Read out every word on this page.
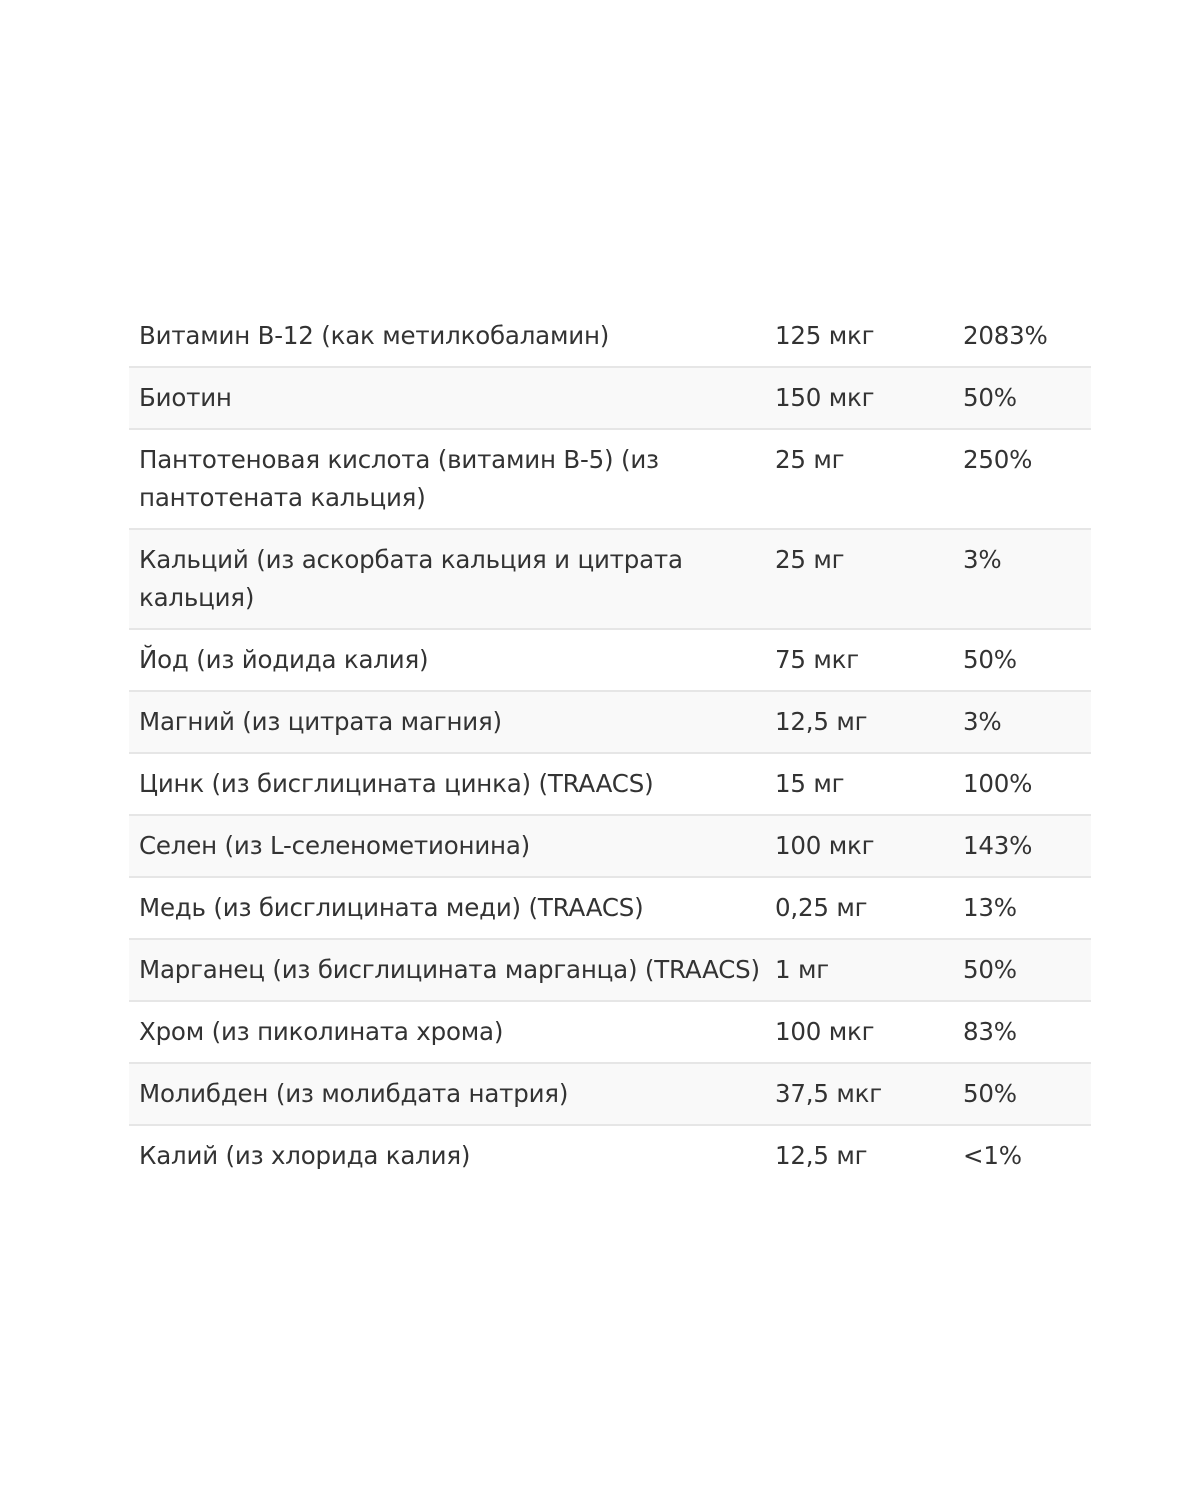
Витамин B-12 (как метилкобаламин)	125 мкг	2083%
Биотин	150 мкг	50%
Пантотеновая кислота (витамин B-5) (из пантотената кальция)	25 мг	250%
Кальций (из аскорбата кальция и цитрата кальция)	25 мг	3%
Йод (из йодида калия)	75 мкг	50%
Магний (из цитрата магния)	12,5 мг	3%
Цинк (из бисглицината цинка) (TRAACS)	15 мг	100%
Селен (из L-селенометионина)	100 мкг	143%
Медь (из бисглицината меди) (TRAACS)	0,25 мг	13%
Марганец (из бисглицината марганца) (TRAACS)	1 мг	50%
Хром (из пиколината хрома)	100 мкг	83%
Молибден (из молибдата натрия)	37,5 мкг	50%
Калий (из хлорида калия)	12,5 мг	<1%
